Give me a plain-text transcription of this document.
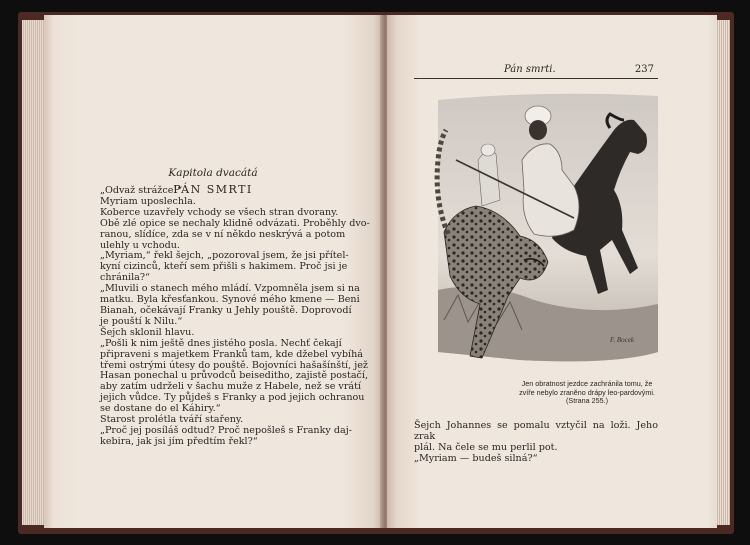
Kapitola dvacátá
PÁN SMRTI

„Odvaž strážce!“

Myriam uposlechla.

Koberce uzavřely vchody se všech stran dvorany.

Obě zlé opice se nechaly klidně odvázati. Proběhly dvo-

ranou, slídíce, zda se v ní někdo neskrývá a potom

ulehly u vchodu.

„Myriam,“ řekl šejch, „pozoroval jsem, že jsi přítel-

kyní cizinců, kteří sem přišli s hakimem. Proč jsi je

chránila?“

„Mluvili o stanech mého mládí. Vzpomněla jsem si na

matku. Byla křesťankou. Synové mého kmene — Beni

Bianah, očekávají Franky u Jehly pouště. Doprovodí

je pouští k Nilu.“

Šejch sklonil hlavu.

„Pošli k nim ještě dnes jistého posla. Nechť čekají

připraveni s majetkem Franků tam, kde džebel vybíhá

třemi ostrými útesy do pouště. Bojovníci hašašínští, jež

Hasan ponechal u průvodců beiseditho, zajistě postačí,

aby zatím udrželi v šachu muže z Habele, než se vrátí

jejich vůdce. Ty půjdeš s Franky a pod jejich ochranou

se dostane do el Káhiry.“

Starost prolétla tváří stařeny.

„Proč jej posíláš odtud? Proč nepošleš s Franky daj-

kebira, jak jsi jím předtím řekl?“

Pán smrti.	237
F. Bocek
Jen obratnost jezdce zachránila tomu, že zvíře nebylo zraněno drápy leo-pardovými. (Strana 255.)

Šejch Johannes se pomalu vztyčil na loži. Jeho zrak

plál. Na čele se mu perlil pot.

„Myriam — budeš silná?“
